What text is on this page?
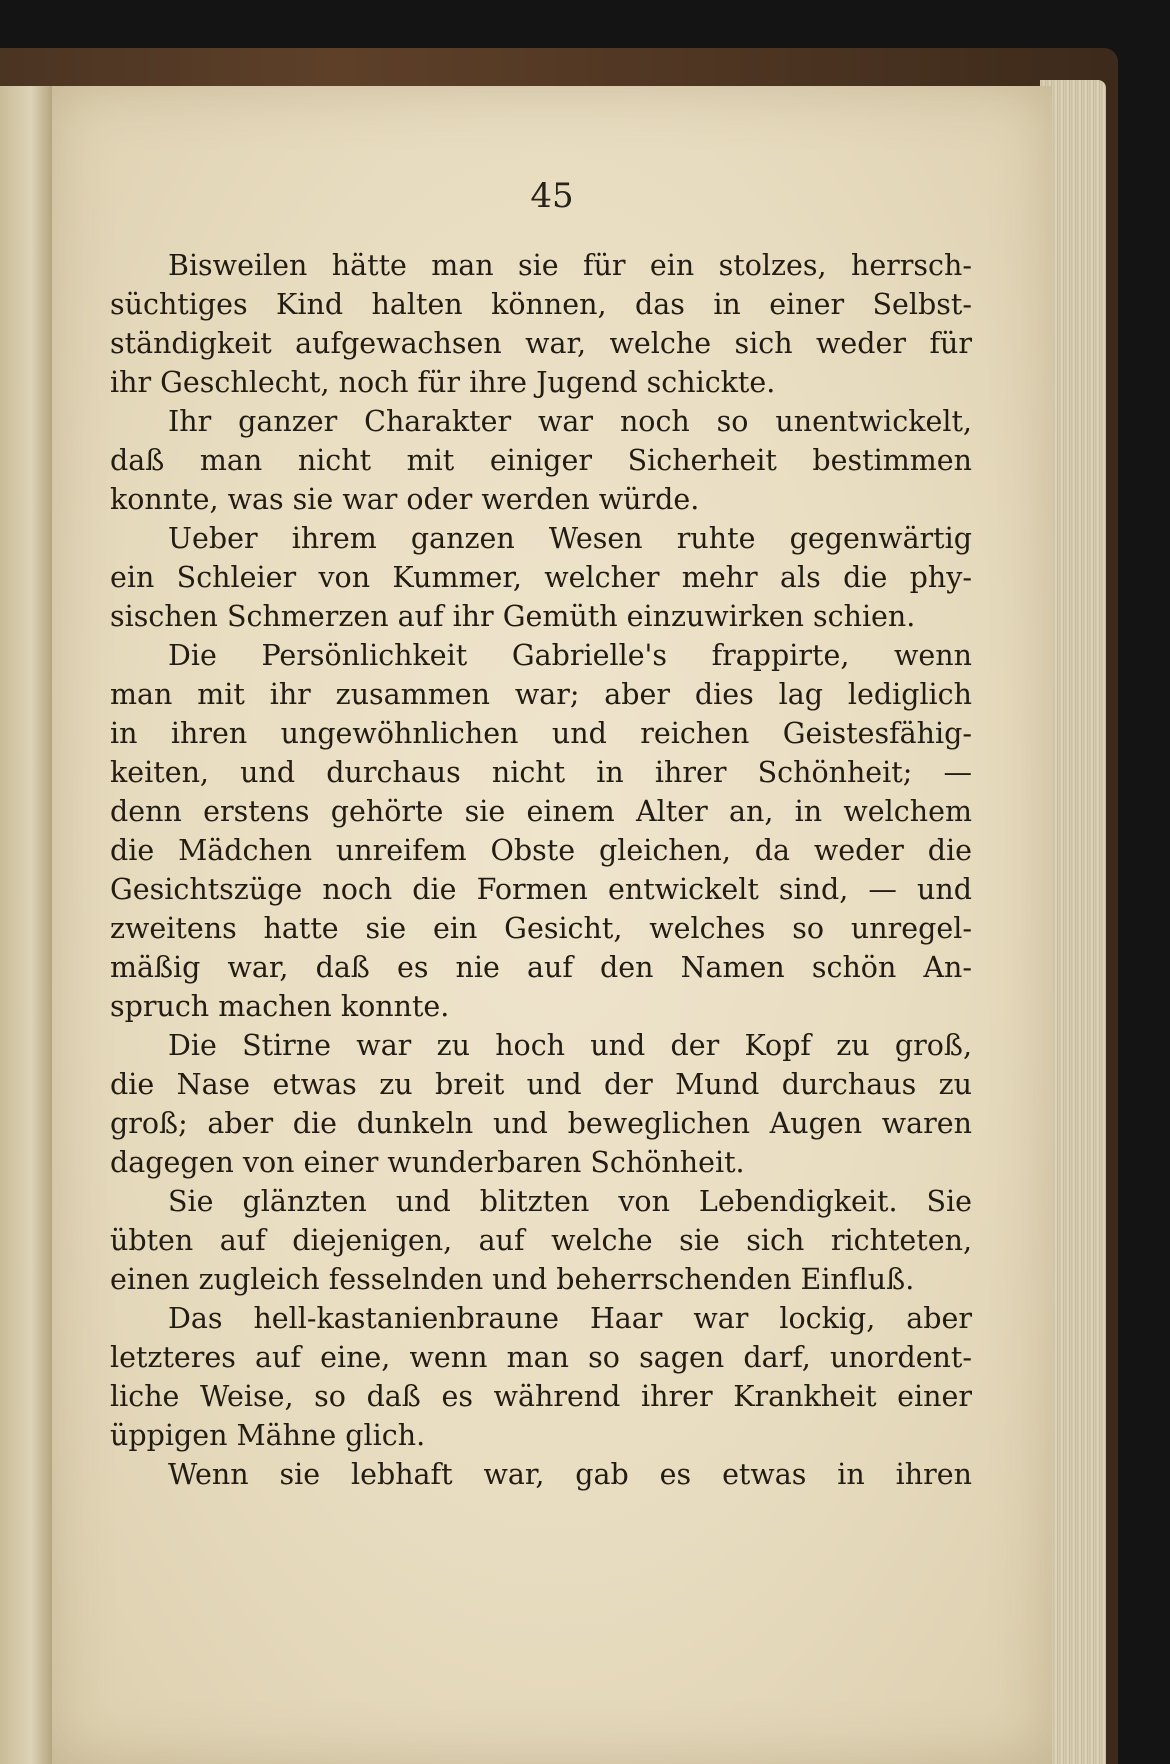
45
Bisweilen hätte man sie für ein stolzes, herrsch-
süchtiges Kind halten können, das in einer Selbst-
ständigkeit aufgewachsen war, welche sich weder für
ihr Geschlecht, noch für ihre Jugend schickte.
Ihr ganzer Charakter war noch so unentwickelt,
daß man nicht mit einiger Sicherheit bestimmen
konnte, was sie war oder werden würde.
Ueber ihrem ganzen Wesen ruhte gegenwärtig
ein Schleier von Kummer, welcher mehr als die phy-
sischen Schmerzen auf ihr Gemüth einzuwirken schien.
Die Persönlichkeit Gabrielle's frappirte, wenn
man mit ihr zusammen war; aber dies lag lediglich
in ihren ungewöhnlichen und reichen Geistesfähig-
keiten, und durchaus nicht in ihrer Schönheit; —
denn erstens gehörte sie einem Alter an, in welchem
die Mädchen unreifem Obste gleichen, da weder die
Gesichtszüge noch die Formen entwickelt sind, — und
zweitens hatte sie ein Gesicht, welches so unregel-
mäßig war, daß es nie auf den Namen schön An-
spruch machen konnte.
Die Stirne war zu hoch und der Kopf zu groß,
die Nase etwas zu breit und der Mund durchaus zu
groß; aber die dunkeln und beweglichen Augen waren
dagegen von einer wunderbaren Schönheit.
Sie glänzten und blitzten von Lebendigkeit. Sie
übten auf diejenigen, auf welche sie sich richteten,
einen zugleich fesselnden und beherrschenden Einfluß.
Das hell-kastanienbraune Haar war lockig, aber
letzteres auf eine, wenn man so sagen darf, unordent-
liche Weise, so daß es während ihrer Krankheit einer
üppigen Mähne glich.
Wenn sie lebhaft war, gab es etwas in ihren
